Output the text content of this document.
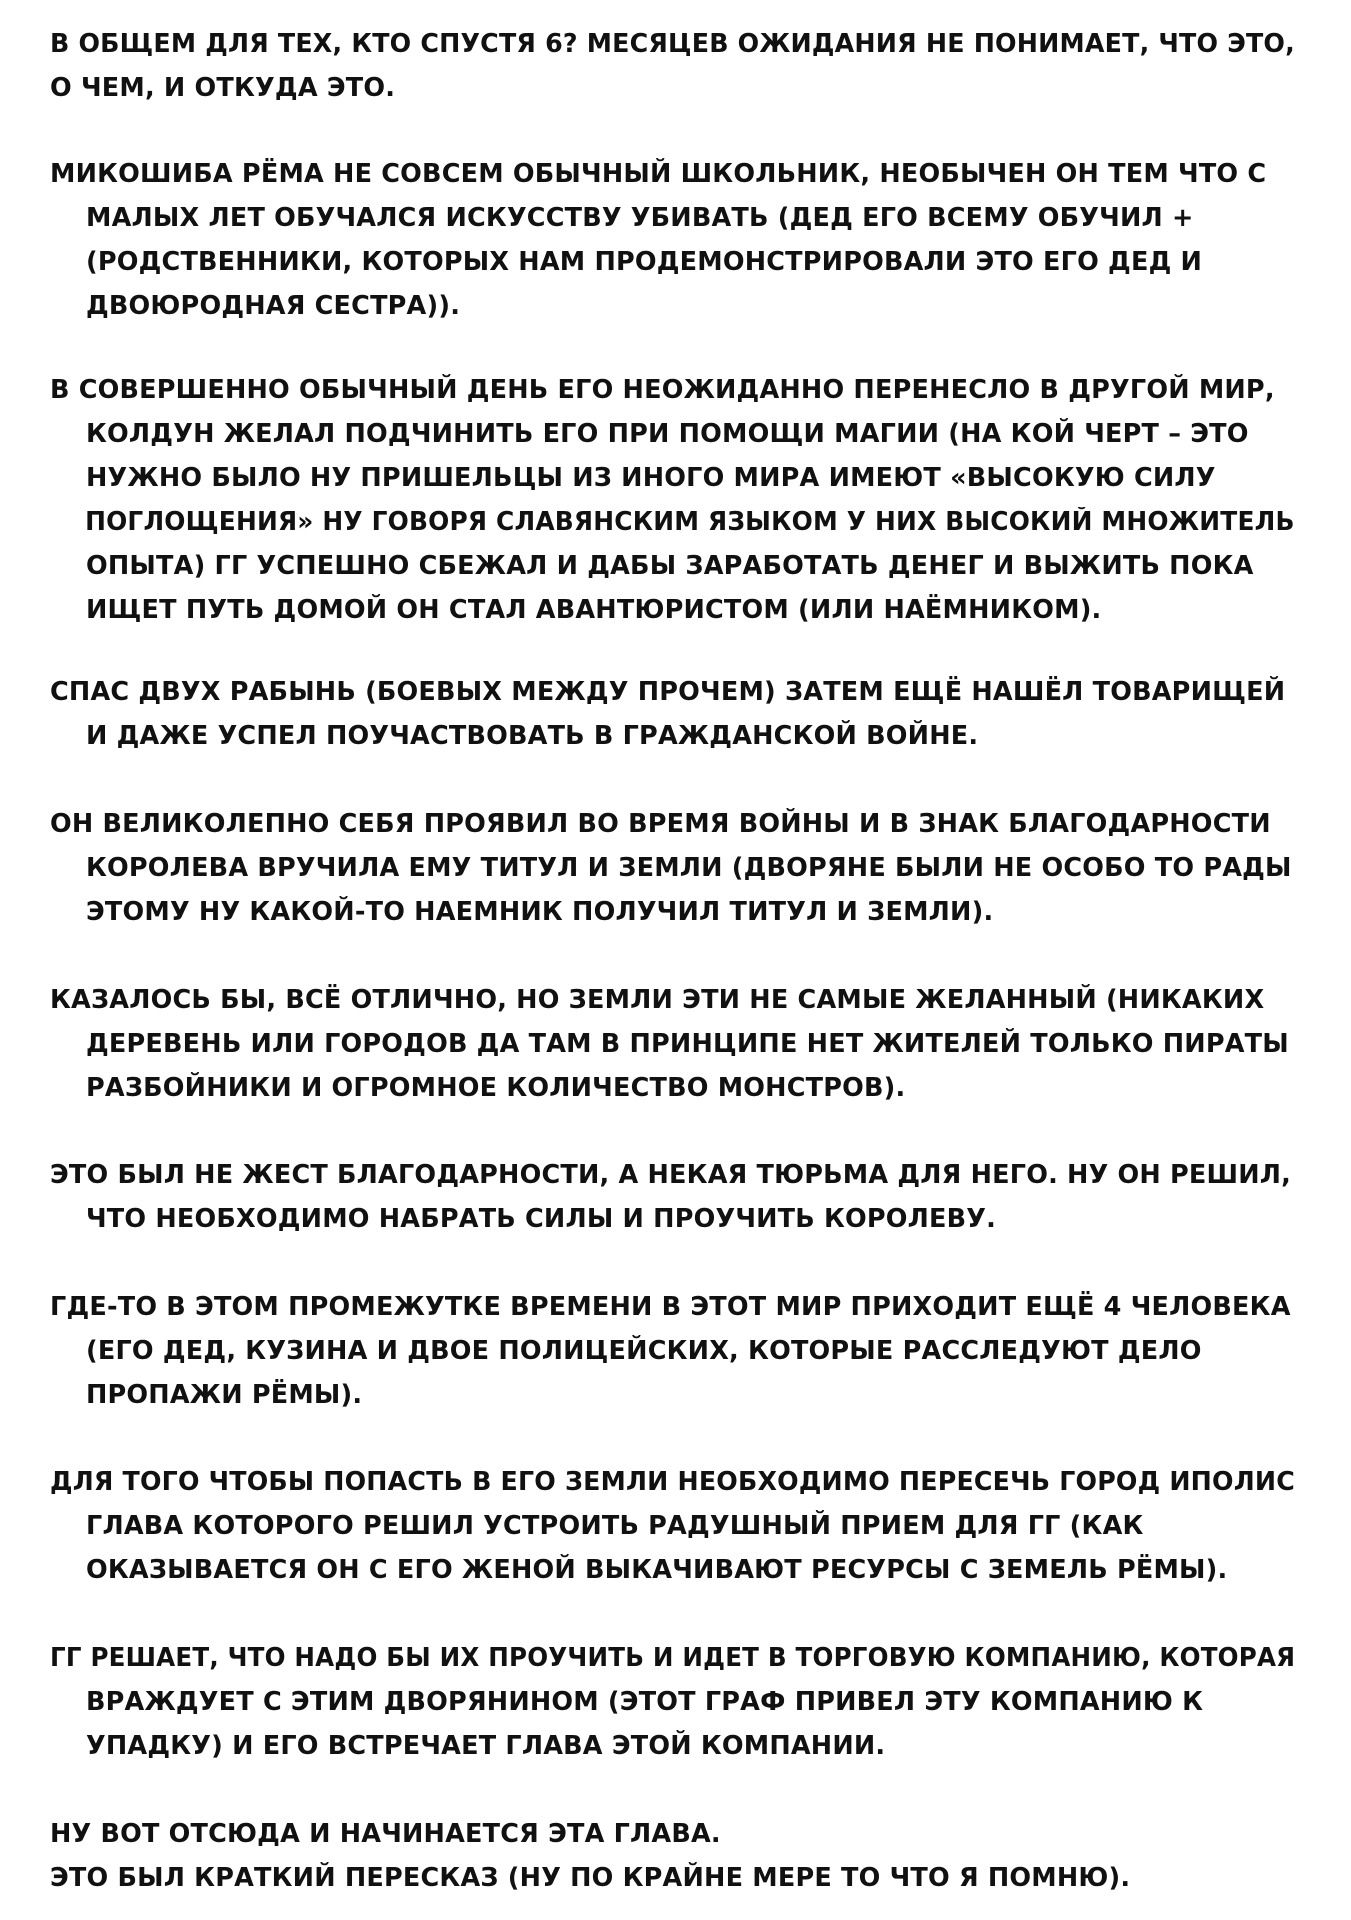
В ОБЩЕМ ДЛЯ ТЕХ, КТО СПУСТЯ 6? МЕСЯЦЕВ ОЖИДАНИЯ НЕ ПОНИМАЕТ, ЧТО ЭТО,
О ЧЕМ, И ОТКУДА ЭТО.
МИКОШИБА РЁМА НЕ СОВСЕМ ОБЫЧНЫЙ ШКОЛЬНИК, НЕОБЫЧЕН ОН ТЕМ ЧТО С
МАЛЫХ ЛЕТ ОБУЧАЛСЯ ИСКУССТВУ УБИВАТЬ (ДЕД ЕГО ВСЕМУ ОБУЧИЛ +
(РОДСТВЕННИКИ, КОТОРЫХ НАМ ПРОДЕМОНСТРИРОВАЛИ ЭТО ЕГО ДЕД И
ДВОЮРОДНАЯ СЕСТРА)).
В СОВЕРШЕННО ОБЫЧНЫЙ ДЕНЬ ЕГО НЕОЖИДАННО ПЕРЕНЕСЛО В ДРУГОЙ МИР,
КОЛДУН ЖЕЛАЛ ПОДЧИНИТЬ ЕГО ПРИ ПОМОЩИ МАГИИ (НА КОЙ ЧЕРТ – ЭТО
НУЖНО БЫЛО НУ ПРИШЕЛЬЦЫ ИЗ ИНОГО МИРА ИМЕЮТ «ВЫСОКУЮ СИЛУ
ПОГЛОЩЕНИЯ» НУ ГОВОРЯ СЛАВЯНСКИМ ЯЗЫКОМ У НИХ ВЫСОКИЙ МНОЖИТЕЛЬ
ОПЫТА) ГГ УСПЕШНО СБЕЖАЛ И ДАБЫ ЗАРАБОТАТЬ ДЕНЕГ И ВЫЖИТЬ ПОКА
ИЩЕТ ПУТЬ ДОМОЙ ОН СТАЛ АВАНТЮРИСТОМ (ИЛИ НАЁМНИКОМ).
СПАС ДВУХ РАБЫНЬ (БОЕВЫХ МЕЖДУ ПРОЧЕМ) ЗАТЕМ ЕЩЁ НАШЁЛ ТОВАРИЩЕЙ
И ДАЖЕ УСПЕЛ ПОУЧАСТВОВАТЬ В ГРАЖДАНСКОЙ ВОЙНЕ.
ОН ВЕЛИКОЛЕПНО СЕБЯ ПРОЯВИЛ ВО ВРЕМЯ ВОЙНЫ И В ЗНАК БЛАГОДАРНОСТИ
КОРОЛЕВА ВРУЧИЛА ЕМУ ТИТУЛ И ЗЕМЛИ (ДВОРЯНЕ БЫЛИ НЕ ОСОБО ТО РАДЫ
ЭТОМУ НУ КАКОЙ-ТО НАЕМНИК ПОЛУЧИЛ ТИТУЛ И ЗЕМЛИ).
КАЗАЛОСЬ БЫ, ВСЁ ОТЛИЧНО, НО ЗЕМЛИ ЭТИ НЕ САМЫЕ ЖЕЛАННЫЙ (НИКАКИХ
ДЕРЕВЕНЬ ИЛИ ГОРОДОВ ДА ТАМ В ПРИНЦИПЕ НЕТ ЖИТЕЛЕЙ ТОЛЬКО ПИРАТЫ
РАЗБОЙНИКИ И ОГРОМНОЕ КОЛИЧЕСТВО МОНСТРОВ).
ЭТО БЫЛ НЕ ЖЕСТ БЛАГОДАРНОСТИ, А НЕКАЯ ТЮРЬМА ДЛЯ НЕГО. НУ ОН РЕШИЛ,
ЧТО НЕОБХОДИМО НАБРАТЬ СИЛЫ И ПРОУЧИТЬ КОРОЛЕВУ.
ГДЕ-ТО В ЭТОМ ПРОМЕЖУТКЕ ВРЕМЕНИ В ЭТОТ МИР ПРИХОДИТ ЕЩЁ 4 ЧЕЛОВЕКА
(ЕГО ДЕД, КУЗИНА И ДВОЕ ПОЛИЦЕЙСКИХ, КОТОРЫЕ РАССЛЕДУЮТ ДЕЛО
ПРОПАЖИ РЁМЫ).
ДЛЯ ТОГО ЧТОБЫ ПОПАСТЬ В ЕГО ЗЕМЛИ НЕОБХОДИМО ПЕРЕСЕЧЬ ГОРОД ИПОЛИС
ГЛАВА КОТОРОГО РЕШИЛ УСТРОИТЬ РАДУШНЫЙ ПРИЕМ ДЛЯ ГГ (КАК
ОКАЗЫВАЕТСЯ ОН С ЕГО ЖЕНОЙ ВЫКАЧИВАЮТ РЕСУРСЫ С ЗЕМЕЛЬ РЁМЫ).
ГГ РЕШАЕТ, ЧТО НАДО БЫ ИХ ПРОУЧИТЬ И ИДЕТ В ТОРГОВУЮ КОМПАНИЮ, КОТОРАЯ
ВРАЖДУЕТ С ЭТИМ ДВОРЯНИНОМ (ЭТОТ ГРАФ ПРИВЕЛ ЭТУ КОМПАНИЮ К
УПАДКУ) И ЕГО ВСТРЕЧАЕТ ГЛАВА ЭТОЙ КОМПАНИИ.
НУ ВОТ ОТСЮДА И НАЧИНАЕТСЯ ЭТА ГЛАВА.
ЭТО БЫЛ КРАТКИЙ ПЕРЕСКАЗ (НУ ПО КРАЙНЕ МЕРЕ ТО ЧТО Я ПОМНЮ).
